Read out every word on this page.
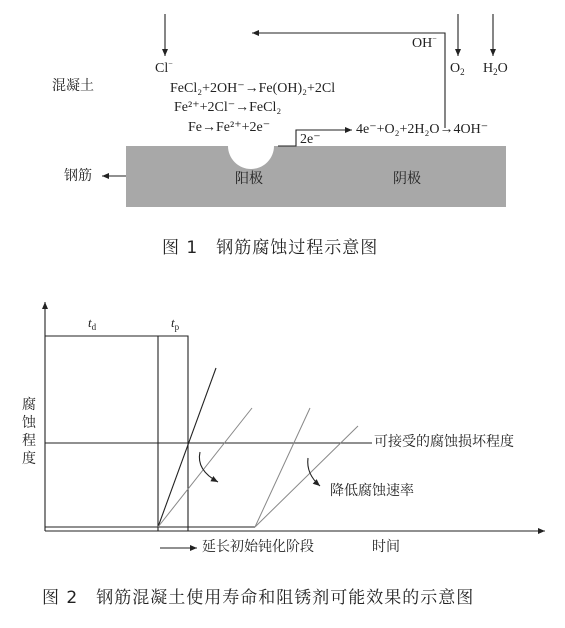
Cl−
OH−
$O_2$ $H_2O$
混凝土	FeCl₂+2OH⁻→Fe(OH)₂+2Cl
Fe²⁺+2Cl⁻→FeCl₂
Fe→Fe²⁺+2e⁻
2e⁻
4e⁻+O₂+2H₂O→4OH⁻
钢筋	阳极	阴极
图 1　钢筋腐蚀过程示意图
$t_d$	$t_p$
腐
蚀
程
度
可接受的腐蚀损坏程度
降低腐蚀速率
延长初始钝化阶段	时间
图 2　钢筋混凝土使用寿命和阻锈剂可能效果的示意图
